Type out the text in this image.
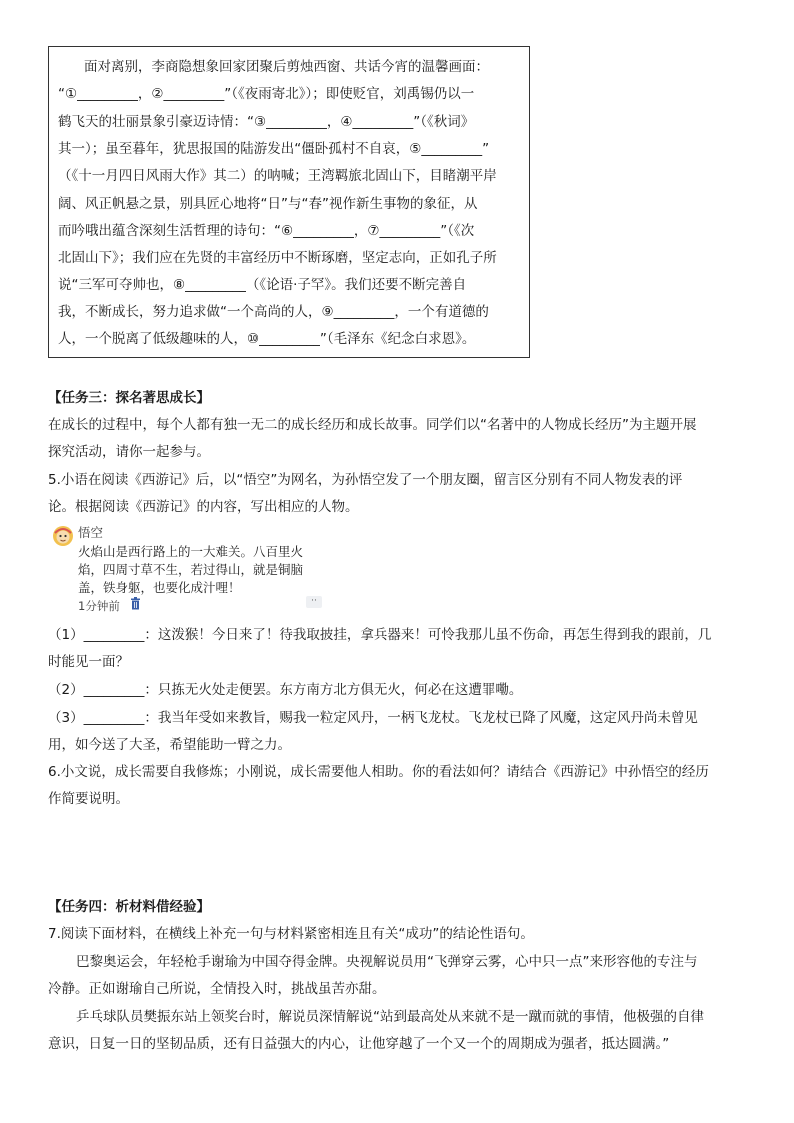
面对离别，李商隐想象回家团聚后剪烛西窗、共话今宵的温馨画面：
“①_________，②_________”（《夜雨寄北》）；即使贬官，刘禹锡仍以一
鹤飞天的壮丽景象引豪迈诗情：“③_________，④_________”（《秋词》
其一）；虽至暮年，犹思报国的陆游发出“僵卧孤村不自哀，⑤_________”
（《十一月四日风雨大作》其二）的呐喊；王湾羁旅北固山下，目睹潮平岸
阔、风正帆悬之景，别具匠心地将“日”与“春”视作新生事物的象征，从
而吟哦出蕴含深刻生活哲理的诗句：“⑥_________，⑦_________”（《次
北固山下》；我们应在先贤的丰富经历中不断琢磨，坚定志向，正如孔子所
说“三军可夺帅也，⑧_________（《论语·子罕》。我们还要不断完善自
我，不断成长，努力追求做“一个高尚的人，⑨_________，一个有道德的
人，一个脱离了低级趣味的人，⑩_________”（毛泽东《纪念白求恩》。
【任务三：探名著思成长】
在成长的过程中，每个人都有独一无二的成长经历和成长故事。同学们以“名著中的人物成长经历”为主题开展
探究活动，请你一起参与。
5.小语在阅读《西游记》后，以“悟空”为网名，为孙悟空发了一个朋友圈，留言区分别有不同人物发表的评
论。根据阅读《西游记》的内容，写出相应的人物。
悟空
火焰山是西行路上的一大难关。八百里火
焰，四周寸草不生，若过得山，就是铜脑
盖，铁身躯，也要化成汁哩！
1分钟前	··
（1）_________：这泼猴！今日来了！待我取披挂，拿兵器来！可怜我那儿虽不伤命，再怎生得到我的跟前，几
时能见一面？
（2）_________：只拣无火处走便罢。东方南方北方俱无火，何必在这遭罪嘞。
（3）_________：我当年受如来教旨，赐我一粒定风丹，一柄飞龙杖。飞龙杖已降了风魔，这定风丹尚未曾见
用，如今送了大圣，希望能助一臂之力。
6.小文说，成长需要自我修炼；小刚说，成长需要他人相助。你的看法如何？请结合《西游记》中孙悟空的经历
作简要说明。
【任务四：析材料借经验】
7.阅读下面材料，在横线上补充一句与材料紧密相连且有关“成功”的结论性语句。
巴黎奥运会，年轻枪手谢瑜为中国夺得金牌。央视解说员用“飞弹穿云雾，心中只一点”来形容他的专注与
冷静。正如谢瑜自己所说，全情投入时，挑战虽苦亦甜。
乒乓球队员樊振东站上领奖台时，解说员深情解说“站到最高处从来就不是一蹴而就的事情，他极强的自律
意识，日复一日的坚韧品质，还有日益强大的内心，让他穿越了一个又一个的周期成为强者，抵达圆满。”
